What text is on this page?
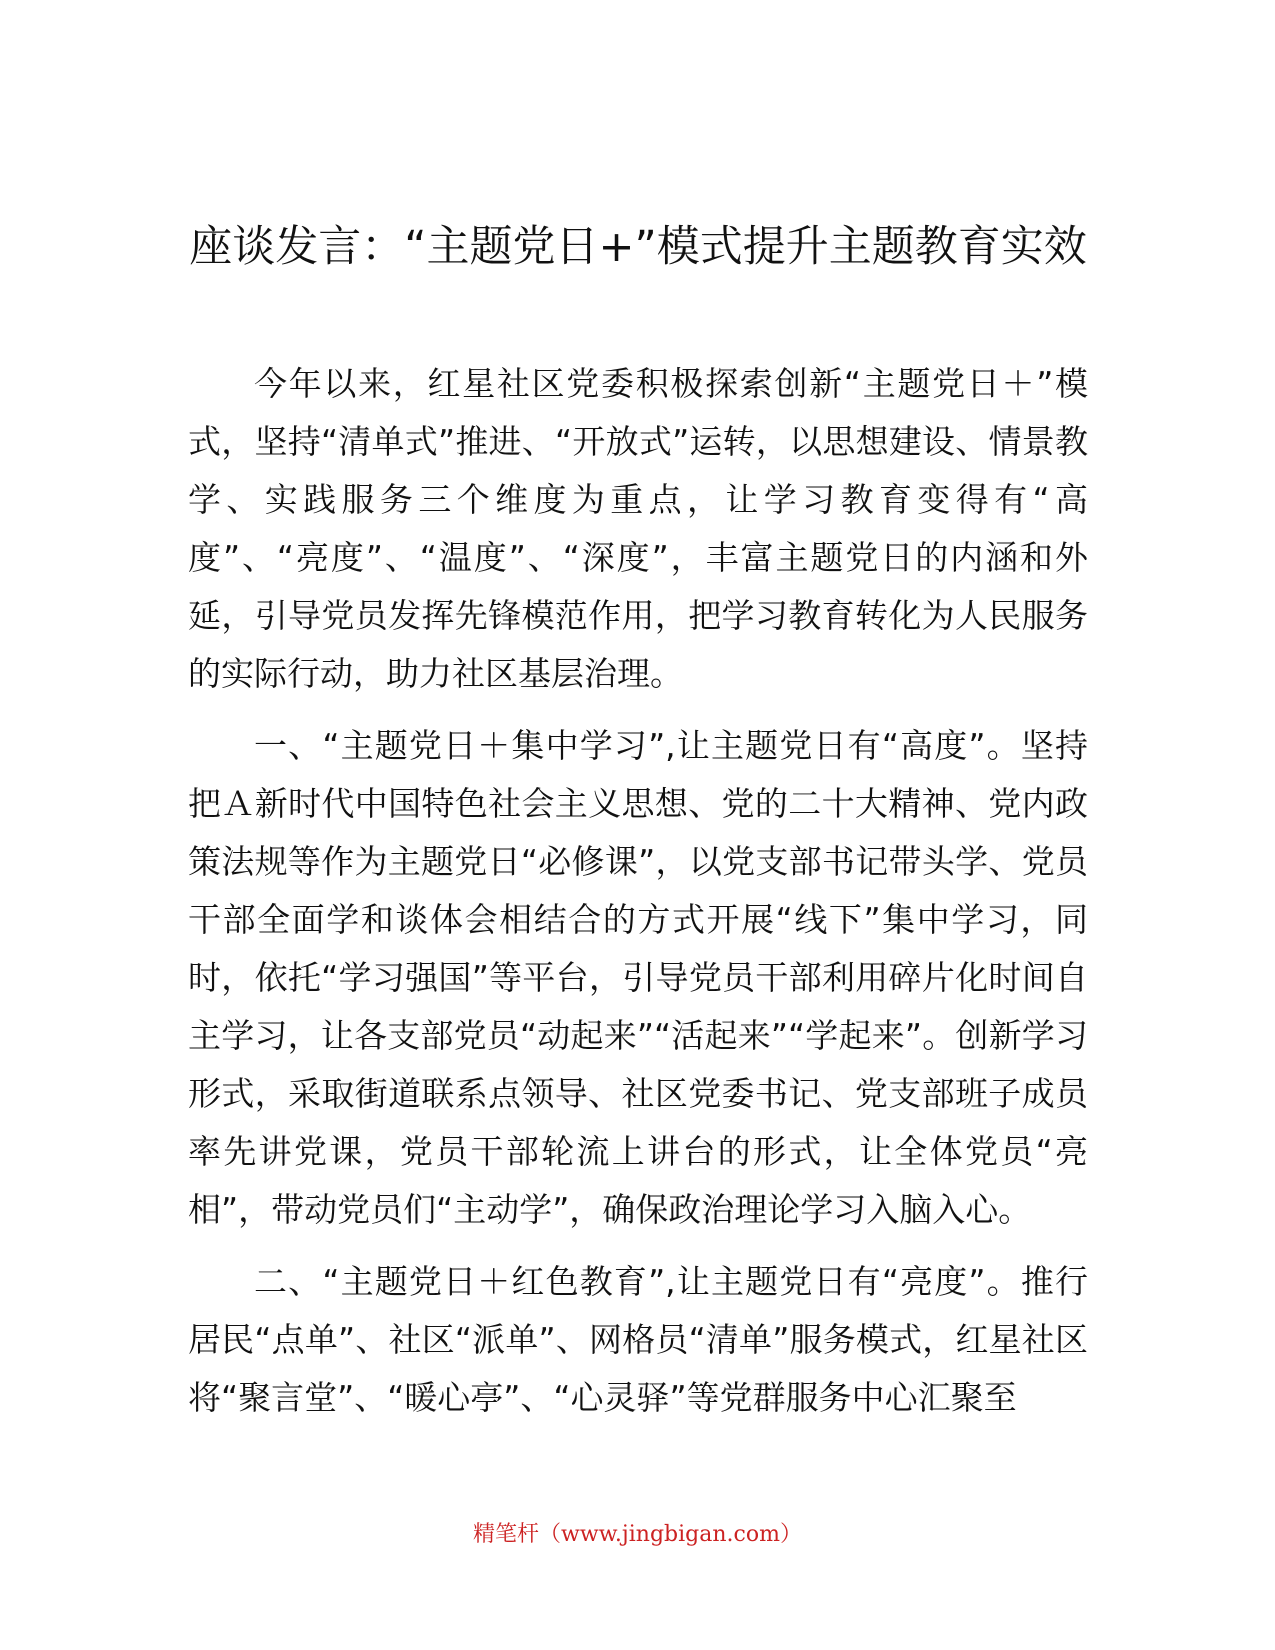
座谈发言：“主题党日+”模式提升主题教育实效

今年以来，红星社区党委积极探索创新“主题党日＋”模式，坚持“清单式”推进、“开放式”运转，以思想建设、情景教学、实践服务三个维度为重点，让学习教育变得有“高度”、“亮度”、“温度”、“深度”，丰富主题党日的内涵和外延，引导党员发挥先锋模范作用，把学习教育转化为人民服务的实际行动，助力社区基层治理。

一、“主题党日＋集中学习”,让主题党日有“高度”。坚持把Ａ新时代中国特色社会主义思想、党的二十大精神、党内政策法规等作为主题党日“必修课”，以党支部书记带头学、党员干部全面学和谈体会相结合的方式开展“线下”集中学习，同时，依托“学习强国”等平台，引导党员干部利用碎片化时间自主学习，让各支部党员“动起来”“活起来”“学起来”。创新学习形式，采取街道联系点领导、社区党委书记、党支部班子成员率先讲党课，党员干部轮流上讲台的形式，让全体党员“亮相”，带动党员们“主动学”，确保政治理论学习入脑入心。

二、“主题党日＋红色教育”,让主题党日有“亮度”。推行居民“点单”、社区“派单”、网格员“清单”服务模式，红星社区将“聚言堂”、“暖心亭”、“心灵驿”等党群服务中心汇聚至

精笔杆（www.jingbigan.com）
